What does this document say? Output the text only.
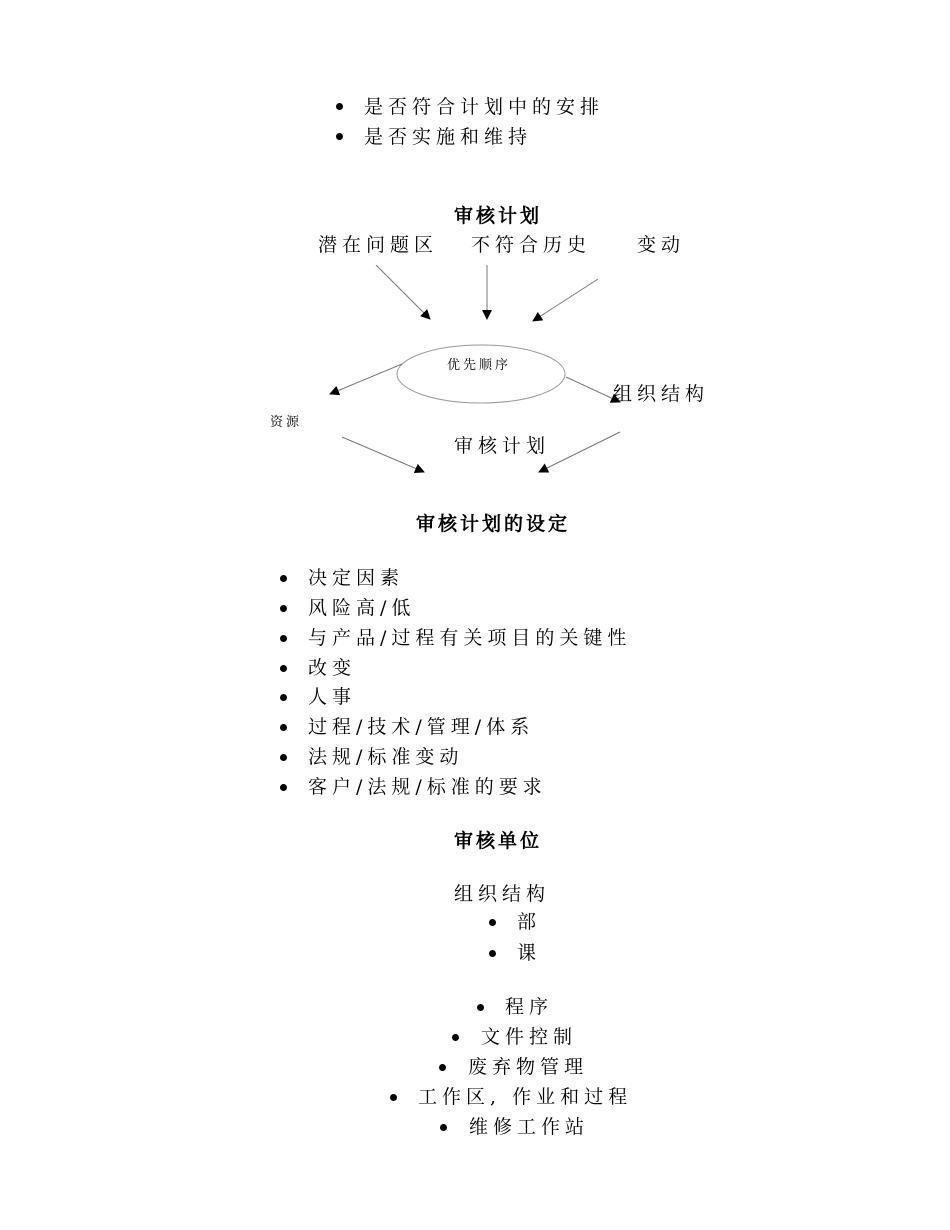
是否符合计划中的安排
是否实施和维持
审核计划
潜在问题区 不符合历史 变动
优先顺序
资源
组织结构
审核计划
审核计划的设定
决定因素
风险高/低
与产品/过程有关项目的关键性
改变
人事
过程/技术/管理/体系
法规/标准变动
客户/法规/标准的要求
审核单位
组织结构
部
课
程序
文件控制
废弃物管理
工作区, 作业和过程
维修工作站
